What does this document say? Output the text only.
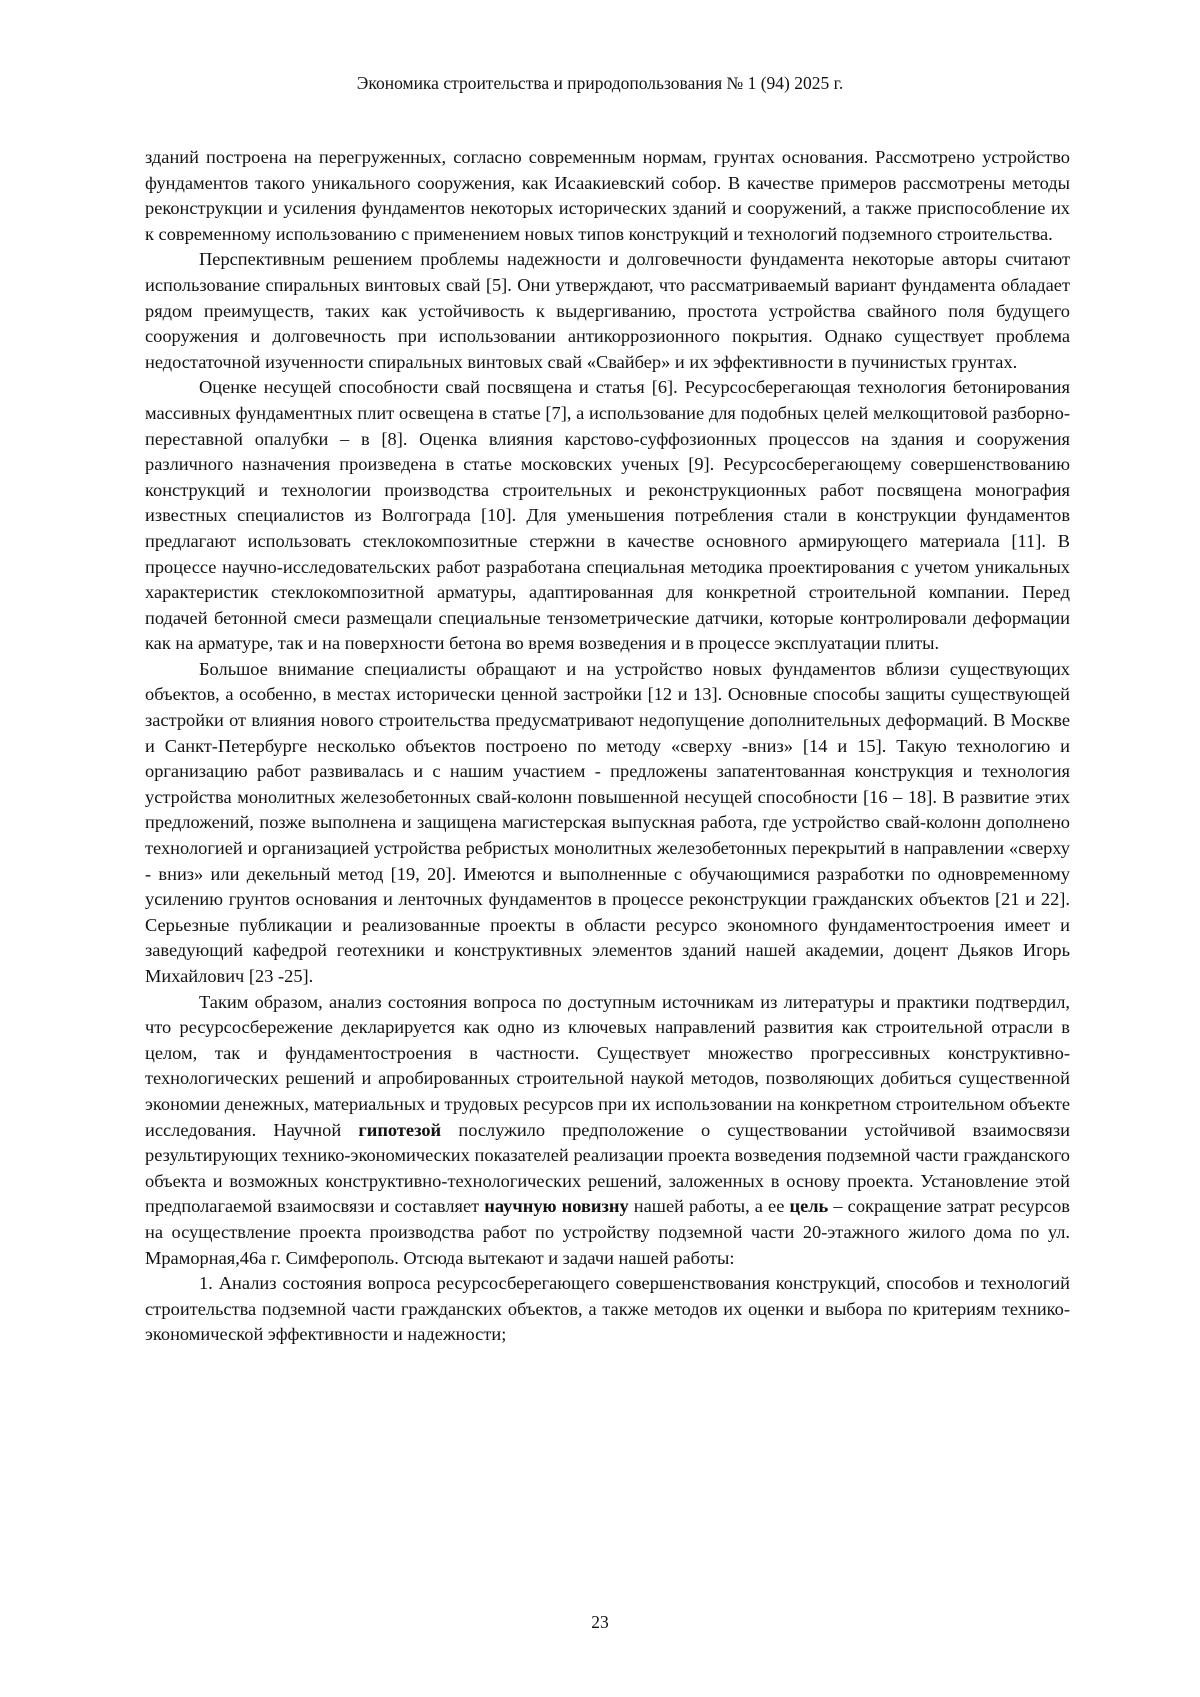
Экономика строительства и природопользования № 1 (94) 2025 г.

зданий построена на перегруженных, согласно современным нормам, грунтах основания. Рассмотрено устройство фундаментов такого уникального сооружения, как Исаакиевский собор. В качестве примеров рассмотрены методы реконструкции и усиления фундаментов некоторых исторических зданий и сооружений, а также приспособление их к современному использованию с применением новых типов конструкций и технологий подземного строительства.

Перспективным решением проблемы надежности и долговечности фундамента некоторые авторы считают использование спиральных винтовых свай [5]. Они утверждают, что рассматриваемый вариант фундамента обладает рядом преимуществ, таких как устойчивость к выдергиванию, простота устройства свайного поля будущего сооружения и долговечность при использовании антикоррозионного покрытия. Однако существует проблема недостаточной изученности спиральных винтовых свай «Свайбер» и их эффективности в пучинистых грунтах.

Оценке несущей способности свай посвящена и статья [6]. Ресурсосберегающая технология бетонирования массивных фундаментных плит освещена в статье [7], а использование для подобных целей мелкощитовой разборно-переставной опалубки – в [8]. Оценка влияния карстово-суффозионных процессов на здания и сооружения различного назначения произведена в статье московских ученых [9]. Ресурсосберегающему совершенствованию конструкций и технологии производства строительных и реконструкционных работ посвящена монография известных специалистов из Волгограда [10]. Для уменьшения потребления стали в конструкции фундаментов предлагают использовать стеклокомпозитные стержни в качестве основного армирующего материала [11]. В процессе научно-исследовательских работ разработана специальная методика проектирования с учетом уникальных характеристик стеклокомпозитной арматуры, адаптированная для конкретной строительной компании. Перед подачей бетонной смеси размещали специальные тензометрические датчики, которые контролировали деформации как на арматуре, так и на поверхности бетона во время возведения и в процессе эксплуатации плиты.

Большое внимание специалисты обращают и на устройство новых фундаментов вблизи существующих объектов, а особенно, в местах исторически ценной застройки [12 и 13]. Основные способы защиты существующей застройки от влияния нового строительства предусматривают недопущение дополнительных деформаций. В Москве и Санкт-Петербурге несколько объектов построено по методу «сверху -вниз» [14 и 15]. Такую технологию и организацию работ развивалась и с нашим участием - предложены запатентованная конструкция и технология устройства монолитных железобетонных свай-колонн повышенной несущей способности [16 – 18]. В развитие этих предложений, позже выполнена и защищена магистерская выпускная работа, где устройство свай-колонн дополнено технологией и организацией устройства ребристых монолитных железобетонных перекрытий в направлении «сверху - вниз» или декельный метод [19, 20]. Имеются и выполненные с обучающимися разработки по одновременному усилению грунтов основания и ленточных фундаментов в процессе реконструкции гражданских объектов [21 и 22]. Серьезные публикации и реализованные проекты в области ресурсо экономного фундаментостроения имеет и заведующий кафедрой геотехники и конструктивных элементов зданий нашей академии, доцент Дьяков Игорь Михайлович [23 -25].

Таким образом, анализ состояния вопроса по доступным источникам из литературы и практики подтвердил, что ресурсосбережение декларируется как одно из ключевых направлений развития как строительной отрасли в целом, так и фундаментостроения в частности. Существует множество прогрессивных конструктивно-технологических решений и апробированных строительной наукой методов, позволяющих добиться существенной экономии денежных, материальных и трудовых ресурсов при их использовании на конкретном строительном объекте исследования. Научной гипотезой послужило предположение о существовании устойчивой взаимосвязи результирующих технико-экономических показателей реализации проекта возведения подземной части гражданского объекта и возможных конструктивно-технологических решений, заложенных в основу проекта. Установление этой предполагаемой взаимосвязи и составляет научную новизну нашей работы, а ее цель – сокращение затрат ресурсов на осуществление проекта производства работ по устройству подземной части 20-этажного жилого дома по ул. Мраморная,46а г. Симферополь. Отсюда вытекают и задачи нашей работы:

1. Анализ состояния вопроса ресурсосберегающего совершенствования конструкций, способов и технологий строительства подземной части гражданских объектов, а также методов их оценки и выбора по критериям технико-экономической эффективности и надежности;

23
